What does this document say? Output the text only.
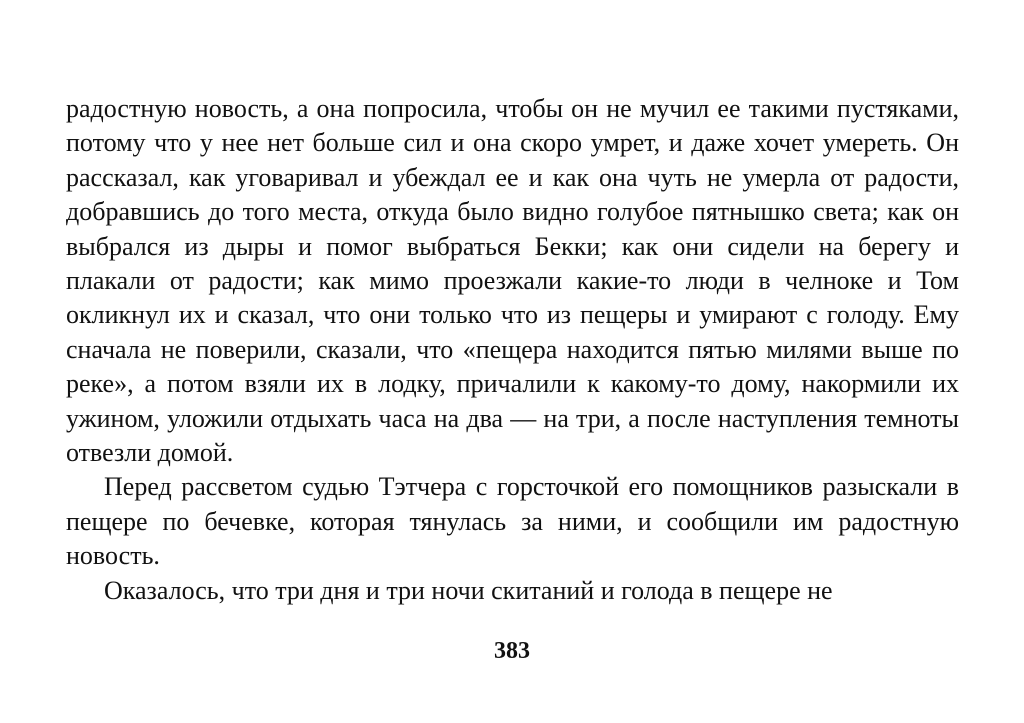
радостную новость, а она попросила, чтобы он не мучил ее такими пустяками, потому что у нее нет больше сил и она скоро умрет, и даже хочет умереть. Он рассказал, как уговаривал и убеждал ее и как она чуть не умерла от радости, добравшись до того места, откуда было видно голубое пятнышко света; как он выбрался из дыры и помог выбраться Бекки; как они сидели на берегу и плакали от радости; как мимо проезжали какие-то люди в челноке и Том окликнул их и сказал, что они только что из пещеры и умирают с голоду. Ему сначала не поверили, сказали, что «пещера находится пятью милями выше по реке», а потом взяли их в лодку, причалили к какому-то дому, накормили их ужином, уложили отдыхать часа на два — на три, а после наступления темноты отвезли домой.

Перед рассветом судью Тэтчера с горсточкой его помощников разыскали в пещере по бечевке, которая тянулась за ними, и сообщили им радостную новость.

Оказалось, что три дня и три ночи скитаний и голода в пещере не

383
